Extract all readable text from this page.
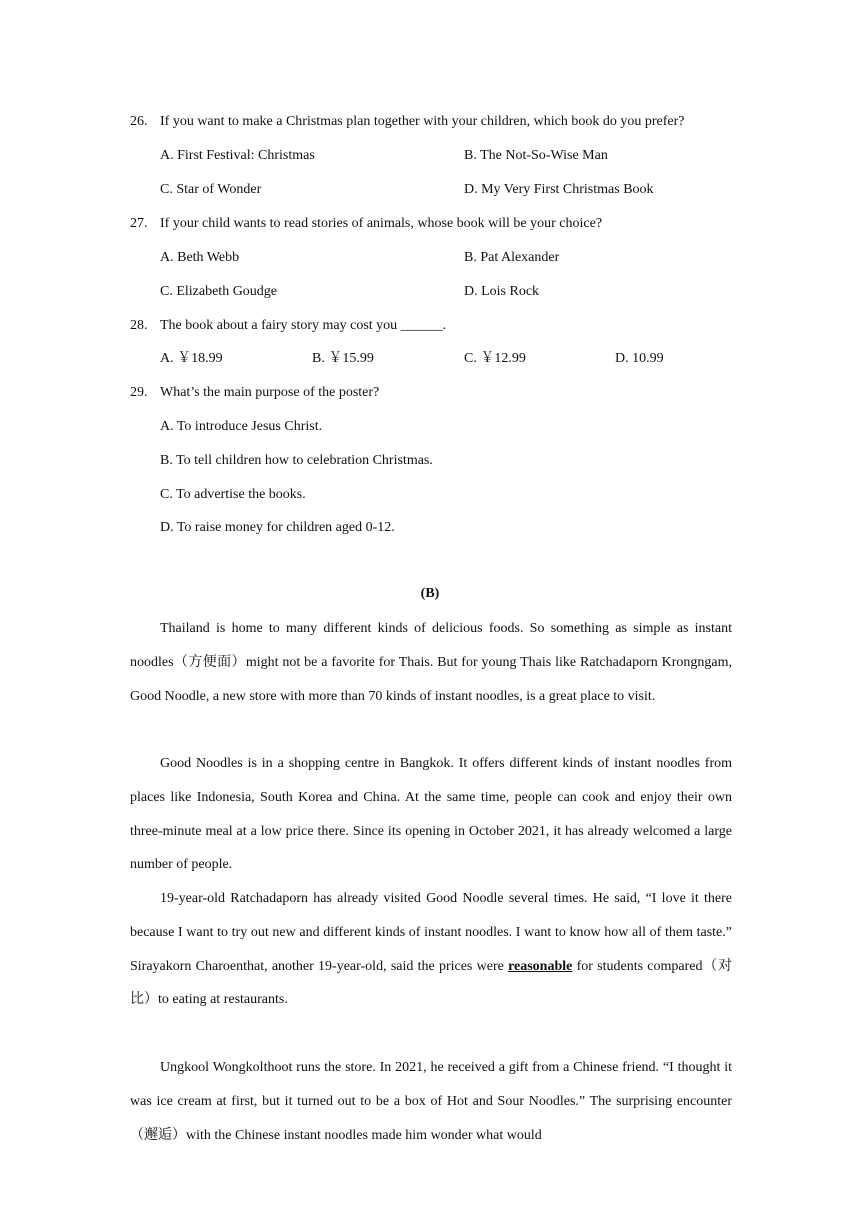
26. If you want to make a Christmas plan together with your children, which book do you prefer?
A. First Festival: Christmas	B. The Not-So-Wise Man
C. Star of Wonder	D. My Very First Christmas Book
27. If your child wants to read stories of animals, whose book will be your choice?
A. Beth Webb	B. Pat Alexander
C. Elizabeth Goudge	D. Lois Rock
28. The book about a fairy story may cost you ______.
A. ￥18.99	B. ￥15.99	C. ￥12.99	D. 10.99
29. What’s the main purpose of the poster?
A. To introduce Jesus Christ.
B. To tell children how to celebration Christmas.
C. To advertise the books.
D. To raise money for children aged 0-12.
(B)

Thailand is home to many different kinds of delicious foods. So something as simple as instant noodles（方便面）might not be a favorite for Thais. But for young Thais like Ratchadaporn Krongngam, Good Noodle, a new store with more than 70 kinds of instant noodles, is a great place to visit.

Good Noodles is in a shopping centre in Bangkok. It offers different kinds of instant noodles from places like Indonesia, South Korea and China. At the same time, people can cook and enjoy their own three-minute meal at a low price there. Since its opening in October 2021, it has already welcomed a large number of people.

19-year-old Ratchadaporn has already visited Good Noodle several times. He said, “I love it there because I want to try out new and different kinds of instant noodles. I want to know how all of them taste.” Sirayakorn Charoenthat, another 19-year-old, said the prices were reasonable for students compared（对比）to eating at restaurants.

Ungkool Wongkolthoot runs the store. In 2021, he received a gift from a Chinese friend. “I thought it was ice cream at first, but it turned out to be a box of Hot and Sour Noodles.” The surprising encounter（邂逅）with the Chinese instant noodles made him wonder what would
